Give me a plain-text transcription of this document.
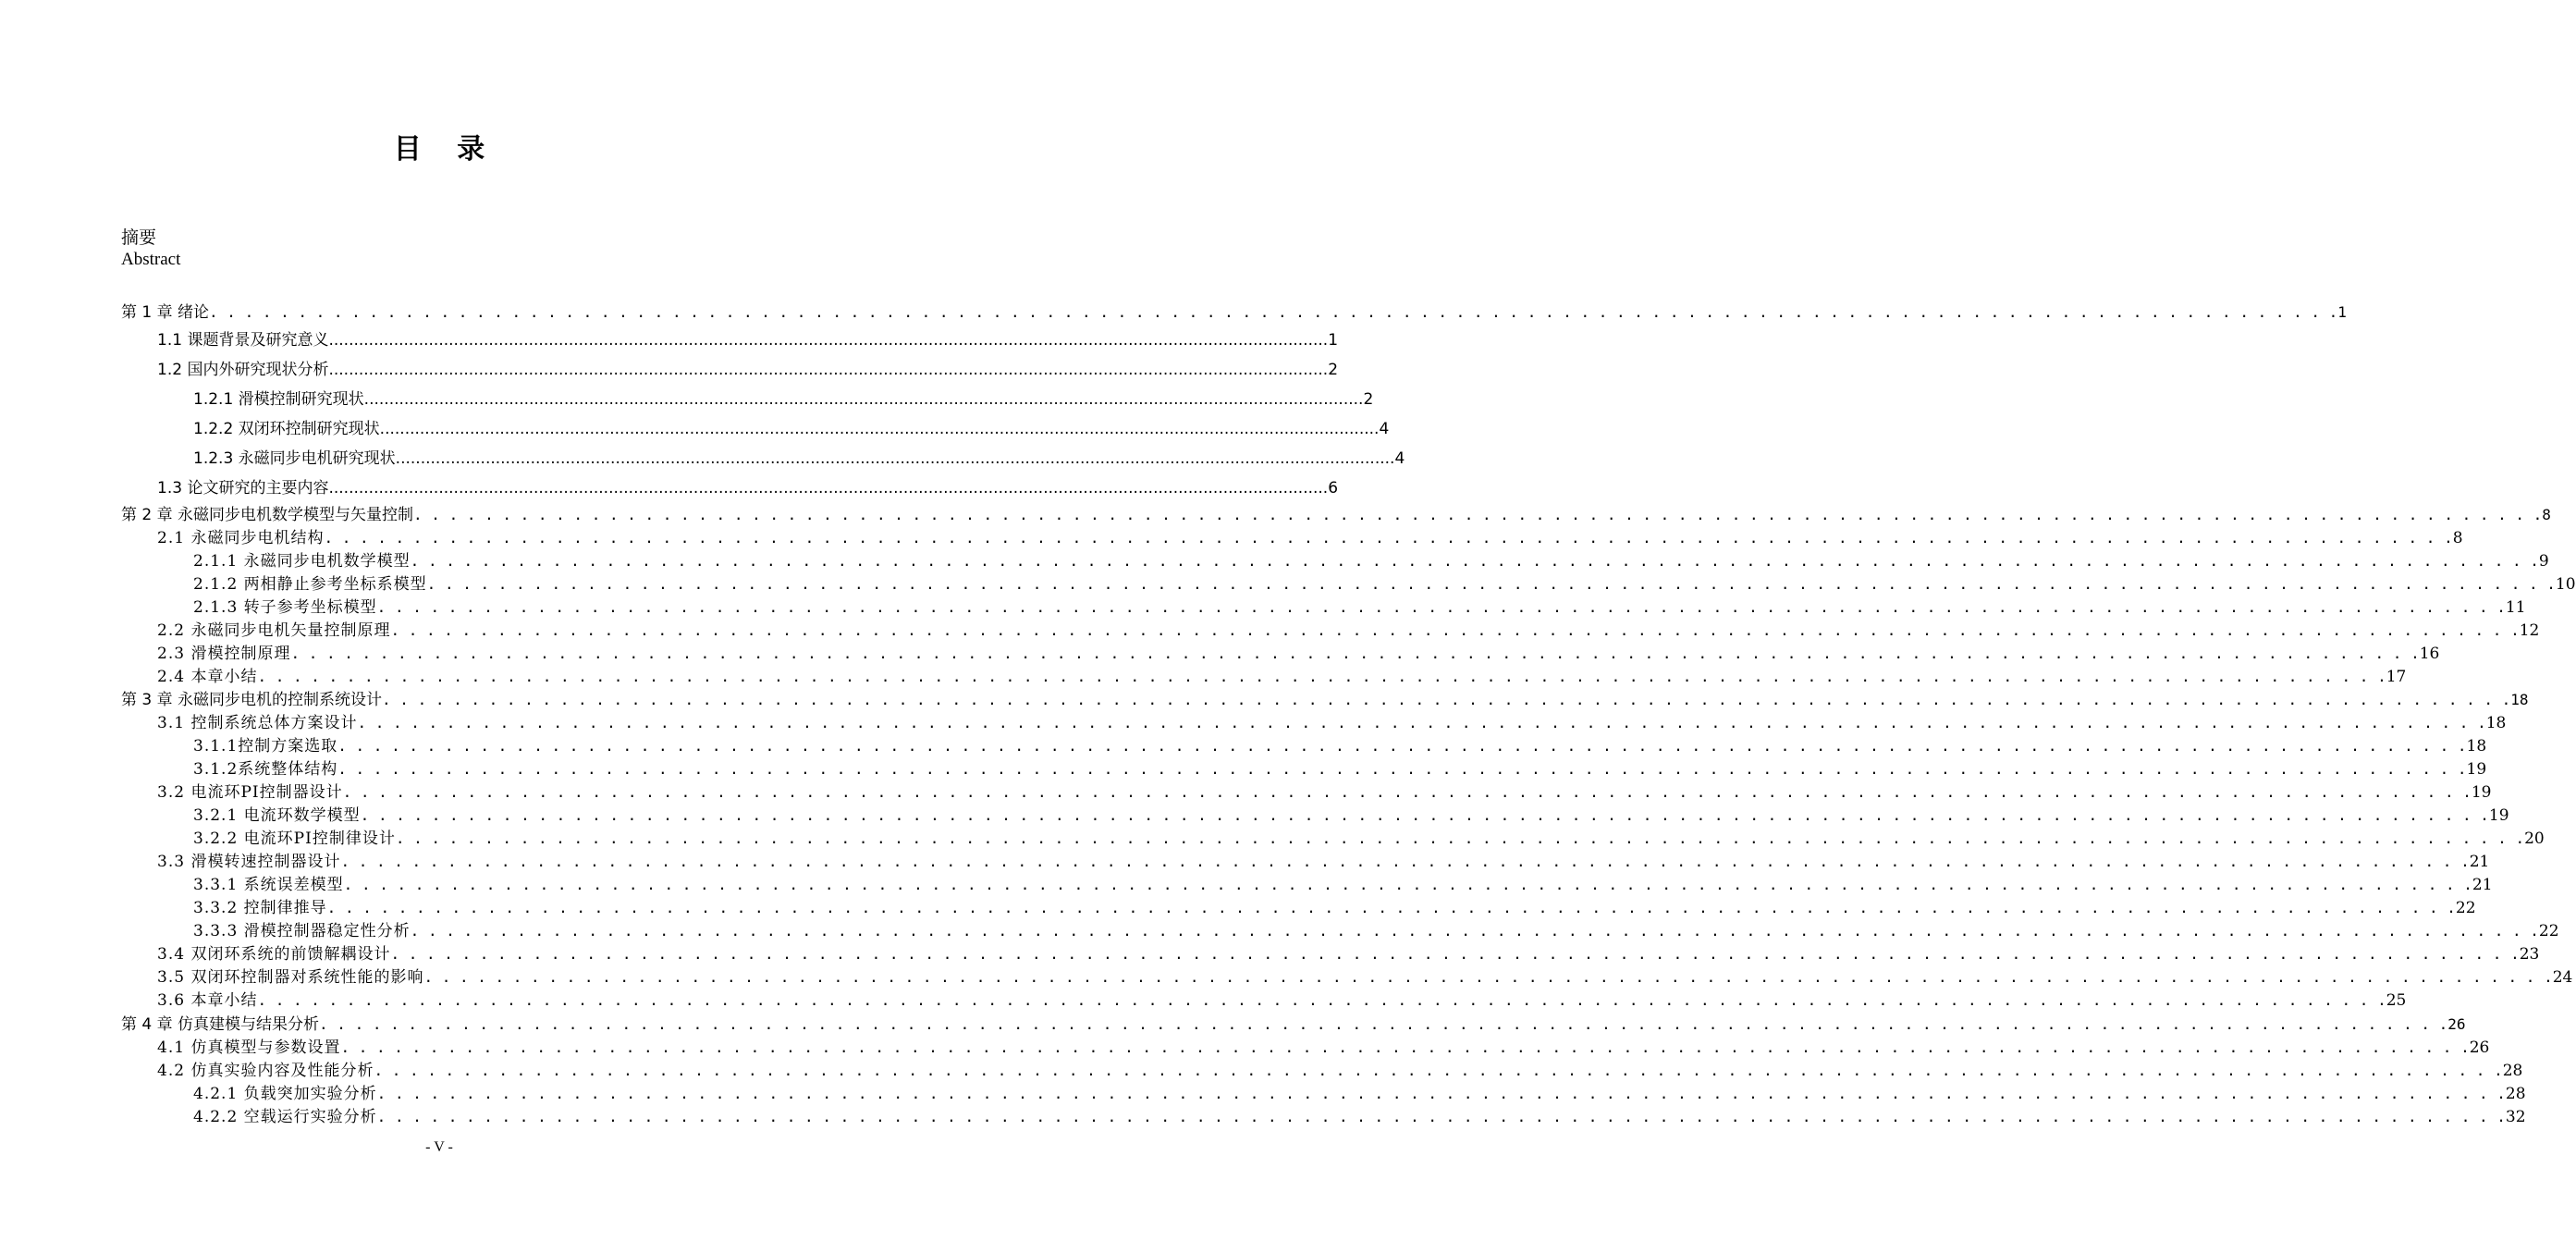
目 录
摘要
Abstract
第 1 章 绪论 . . . . . . . . . . . . . . . . . . . . . . . . . . . . . . . . . . . . . . . . . . . . . . . . . . . . . . . . . . . . . . . . . . . . . . . . . . . . . . . . . . . . . . . . . . . . . . . . . . . . . . . . . . . . . . . . . . . . . . . . 1
1.1 课题背景及研究意义 ........................................................................................................................................................................................................ 1
1.2 国内外研究现状分析 ........................................................................................................................................................................................................ 2
1.2.1 滑模控制研究现状 ........................................................................................................................................................................................................ 2
1.2.2 双闭环控制研究现状 ........................................................................................................................................................................................................ 4
1.2.3 永磁同步电机研究现状 ........................................................................................................................................................................................................ 4
1.3 论文研究的主要内容 ........................................................................................................................................................................................................ 6
第 2 章 永磁同步电机数学模型与矢量控制 . . . . . . . . . . . . . . . . . . . . . . . . . . . . . . . . . . . . . . . . . . . . . . . . . . . . . . . . . . . . . . . . . . . . . . . . . . . . . . . . . . . . . . . . . . . . . . . . . . . . . . . . . . . . . . . . . . . . . . . . 8
2.1 永磁同步电机结构 . . . . . . . . . . . . . . . . . . . . . . . . . . . . . . . . . . . . . . . . . . . . . . . . . . . . . . . . . . . . . . . . . . . . . . . . . . . . . . . . . . . . . . . . . . . . . . . . . . . . . . . . . . . . . . . . . . . . . . . . 8
2.1.1 永磁同步电机数学模型 . . . . . . . . . . . . . . . . . . . . . . . . . . . . . . . . . . . . . . . . . . . . . . . . . . . . . . . . . . . . . . . . . . . . . . . . . . . . . . . . . . . . . . . . . . . . . . . . . . . . . . . . . . . . . . . . . . . . . . . . 9
2.1.2 两相静止参考坐标系模型 . . . . . . . . . . . . . . . . . . . . . . . . . . . . . . . . . . . . . . . . . . . . . . . . . . . . . . . . . . . . . . . . . . . . . . . . . . . . . . . . . . . . . . . . . . . . . . . . . . . . . . . . . . . . . . . . . . . . . . . . 10
2.1.3 转子参考坐标模型 . . . . . . . . . . . . . . . . . . . . . . . . . . . . . . . . . . . . . . . . . . . . . . . . . . . . . . . . . . . . . . . . . . . . . . . . . . . . . . . . . . . . . . . . . . . . . . . . . . . . . . . . . . . . . . . . . . . . . . . . 11
2.2 永磁同步电机矢量控制原理 . . . . . . . . . . . . . . . . . . . . . . . . . . . . . . . . . . . . . . . . . . . . . . . . . . . . . . . . . . . . . . . . . . . . . . . . . . . . . . . . . . . . . . . . . . . . . . . . . . . . . . . . . . . . . . . . . . . . . . . . 12
2.3 滑模控制原理 . . . . . . . . . . . . . . . . . . . . . . . . . . . . . . . . . . . . . . . . . . . . . . . . . . . . . . . . . . . . . . . . . . . . . . . . . . . . . . . . . . . . . . . . . . . . . . . . . . . . . . . . . . . . . . . . . . . . . . . . 16
2.4 本章小结 . . . . . . . . . . . . . . . . . . . . . . . . . . . . . . . . . . . . . . . . . . . . . . . . . . . . . . . . . . . . . . . . . . . . . . . . . . . . . . . . . . . . . . . . . . . . . . . . . . . . . . . . . . . . . . . . . . . . . . . . 17
第 3 章 永磁同步电机的控制系统设计 . . . . . . . . . . . . . . . . . . . . . . . . . . . . . . . . . . . . . . . . . . . . . . . . . . . . . . . . . . . . . . . . . . . . . . . . . . . . . . . . . . . . . . . . . . . . . . . . . . . . . . . . . . . . . . . . . . . . . . . . 18
3.1 控制系统总体方案设计 . . . . . . . . . . . . . . . . . . . . . . . . . . . . . . . . . . . . . . . . . . . . . . . . . . . . . . . . . . . . . . . . . . . . . . . . . . . . . . . . . . . . . . . . . . . . . . . . . . . . . . . . . . . . . . . . . . . . . . . . 18
3.1.1控制方案选取 . . . . . . . . . . . . . . . . . . . . . . . . . . . . . . . . . . . . . . . . . . . . . . . . . . . . . . . . . . . . . . . . . . . . . . . . . . . . . . . . . . . . . . . . . . . . . . . . . . . . . . . . . . . . . . . . . . . . . . . . 18
3.1.2系统整体结构 . . . . . . . . . . . . . . . . . . . . . . . . . . . . . . . . . . . . . . . . . . . . . . . . . . . . . . . . . . . . . . . . . . . . . . . . . . . . . . . . . . . . . . . . . . . . . . . . . . . . . . . . . . . . . . . . . . . . . . . . 19
3.2 电流环PI控制器设计 . . . . . . . . . . . . . . . . . . . . . . . . . . . . . . . . . . . . . . . . . . . . . . . . . . . . . . . . . . . . . . . . . . . . . . . . . . . . . . . . . . . . . . . . . . . . . . . . . . . . . . . . . . . . . . . . . . . . . . . . 19
3.2.1 电流环数学模型 . . . . . . . . . . . . . . . . . . . . . . . . . . . . . . . . . . . . . . . . . . . . . . . . . . . . . . . . . . . . . . . . . . . . . . . . . . . . . . . . . . . . . . . . . . . . . . . . . . . . . . . . . . . . . . . . . . . . . . . . 19
3.2.2 电流环PI控制律设计 . . . . . . . . . . . . . . . . . . . . . . . . . . . . . . . . . . . . . . . . . . . . . . . . . . . . . . . . . . . . . . . . . . . . . . . . . . . . . . . . . . . . . . . . . . . . . . . . . . . . . . . . . . . . . . . . . . . . . . . . 20
3.3 滑模转速控制器设计 . . . . . . . . . . . . . . . . . . . . . . . . . . . . . . . . . . . . . . . . . . . . . . . . . . . . . . . . . . . . . . . . . . . . . . . . . . . . . . . . . . . . . . . . . . . . . . . . . . . . . . . . . . . . . . . . . . . . . . . . 21
3.3.1 系统误差模型 . . . . . . . . . . . . . . . . . . . . . . . . . . . . . . . . . . . . . . . . . . . . . . . . . . . . . . . . . . . . . . . . . . . . . . . . . . . . . . . . . . . . . . . . . . . . . . . . . . . . . . . . . . . . . . . . . . . . . . . . 21
3.3.2 控制律推导 . . . . . . . . . . . . . . . . . . . . . . . . . . . . . . . . . . . . . . . . . . . . . . . . . . . . . . . . . . . . . . . . . . . . . . . . . . . . . . . . . . . . . . . . . . . . . . . . . . . . . . . . . . . . . . . . . . . . . . . . 22
3.3.3 滑模控制器稳定性分析 . . . . . . . . . . . . . . . . . . . . . . . . . . . . . . . . . . . . . . . . . . . . . . . . . . . . . . . . . . . . . . . . . . . . . . . . . . . . . . . . . . . . . . . . . . . . . . . . . . . . . . . . . . . . . . . . . . . . . . . . 22
3.4 双闭环系统的前馈解耦设计 . . . . . . . . . . . . . . . . . . . . . . . . . . . . . . . . . . . . . . . . . . . . . . . . . . . . . . . . . . . . . . . . . . . . . . . . . . . . . . . . . . . . . . . . . . . . . . . . . . . . . . . . . . . . . . . . . . . . . . . . 23
3.5 双闭环控制器对系统性能的影响 . . . . . . . . . . . . . . . . . . . . . . . . . . . . . . . . . . . . . . . . . . . . . . . . . . . . . . . . . . . . . . . . . . . . . . . . . . . . . . . . . . . . . . . . . . . . . . . . . . . . . . . . . . . . . . . . . . . . . . . . 24
3.6 本章小结 . . . . . . . . . . . . . . . . . . . . . . . . . . . . . . . . . . . . . . . . . . . . . . . . . . . . . . . . . . . . . . . . . . . . . . . . . . . . . . . . . . . . . . . . . . . . . . . . . . . . . . . . . . . . . . . . . . . . . . . . 25
第 4 章 仿真建模与结果分析 . . . . . . . . . . . . . . . . . . . . . . . . . . . . . . . . . . . . . . . . . . . . . . . . . . . . . . . . . . . . . . . . . . . . . . . . . . . . . . . . . . . . . . . . . . . . . . . . . . . . . . . . . . . . . . . . . . . . . . . . 26
4.1 仿真模型与参数设置 . . . . . . . . . . . . . . . . . . . . . . . . . . . . . . . . . . . . . . . . . . . . . . . . . . . . . . . . . . . . . . . . . . . . . . . . . . . . . . . . . . . . . . . . . . . . . . . . . . . . . . . . . . . . . . . . . . . . . . . . 26
4.2 仿真实验内容及性能分析 . . . . . . . . . . . . . . . . . . . . . . . . . . . . . . . . . . . . . . . . . . . . . . . . . . . . . . . . . . . . . . . . . . . . . . . . . . . . . . . . . . . . . . . . . . . . . . . . . . . . . . . . . . . . . . . . . . . . . . . . 28
4.2.1 负载突加实验分析 . . . . . . . . . . . . . . . . . . . . . . . . . . . . . . . . . . . . . . . . . . . . . . . . . . . . . . . . . . . . . . . . . . . . . . . . . . . . . . . . . . . . . . . . . . . . . . . . . . . . . . . . . . . . . . . . . . . . . . . . 28
4.2.2 空载运行实验分析 . . . . . . . . . . . . . . . . . . . . . . . . . . . . . . . . . . . . . . . . . . . . . . . . . . . . . . . . . . . . . . . . . . . . . . . . . . . . . . . . . . . . . . . . . . . . . . . . . . . . . . . . . . . . . . . . . . . . . . . . 32
- V -
